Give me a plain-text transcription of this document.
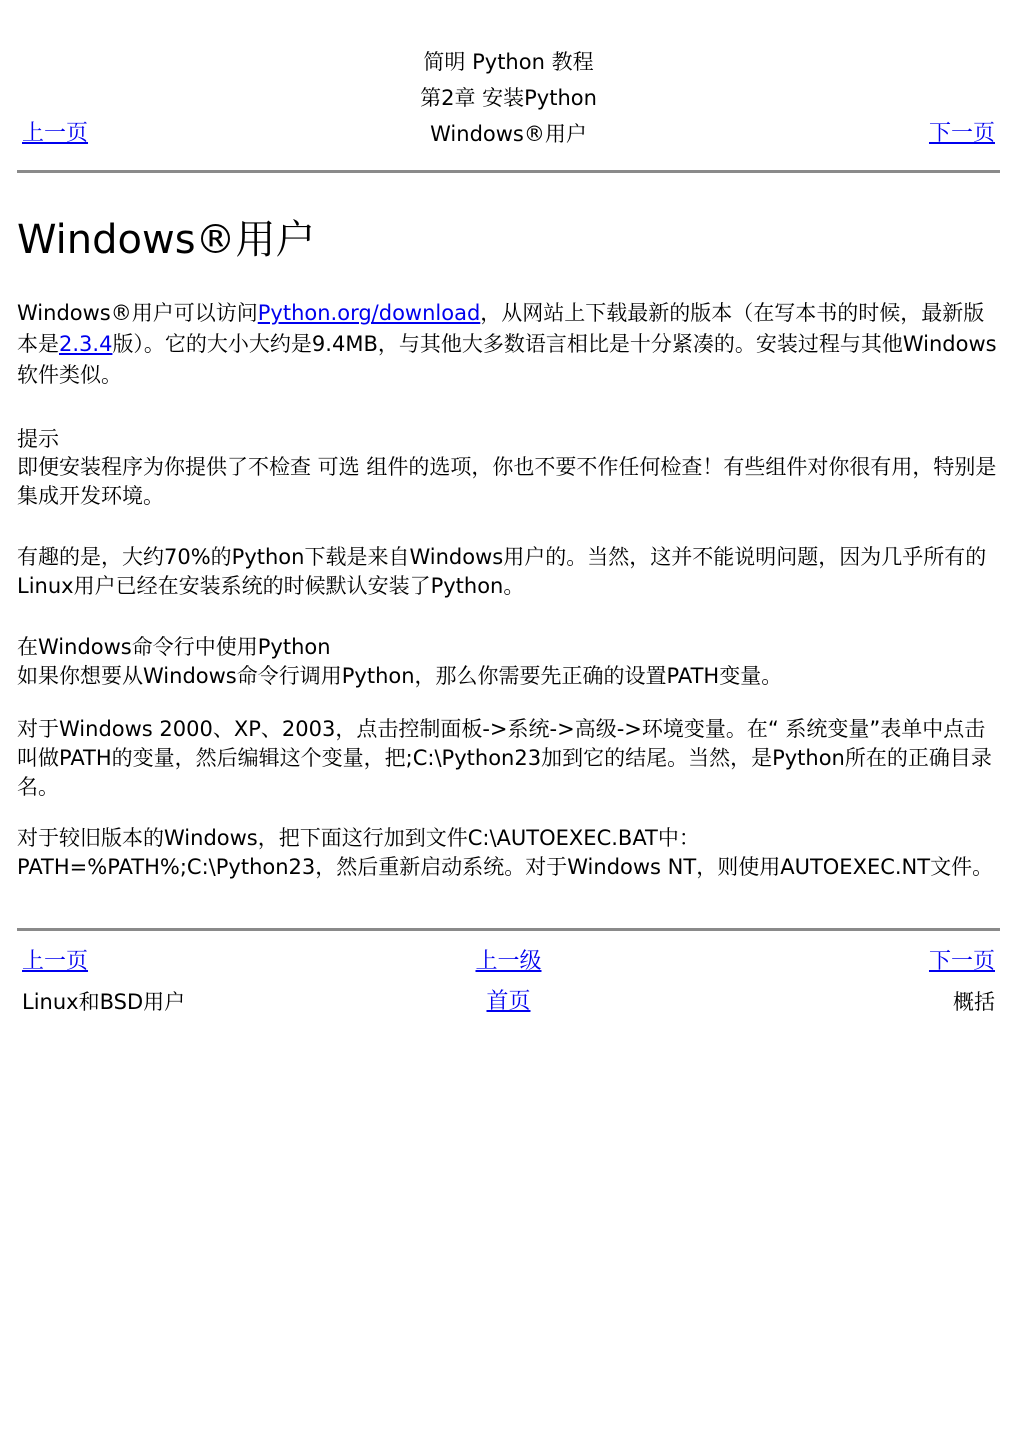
简明 Python 教程
第2章 安装Python
Windows®用户
上一页	下一页
Windows®用户

Windows®用户可以访问Python.org/download，从网站上下载最新的版本（在写本书的时候，最新版本是2.3.4版）。它的大小大约是9.4MB，与其他大多数语言相比是十分紧凑的。安装过程与其他Windows软件类似。

提示
即便安装程序为你提供了不检查 可选 组件的选项，你也不要不作任何检查！有些组件对你很有用，特别是集成开发环境。

有趣的是，大约70%的Python下载是来自Windows用户的。当然，这并不能说明问题，因为几乎所有的Linux用户已经在安装系统的时候默认安装了Python。

在Windows命令行中使用Python
如果你想要从Windows命令行调用Python，那么你需要先正确的设置PATH变量。

对于Windows 2000、XP、2003，点击控制面板->系统->高级->环境变量。在“ 系统变量”表单中点击叫做PATH的变量，然后编辑这个变量，把;C:\Python23加到它的结尾。当然，是Python所在的正确目录名。

对于较旧版本的Windows，把下面这行加到文件C:\AUTOEXEC.BAT中：PATH=%PATH%;C:\Python23，然后重新启动系统。对于Windows NT，则使用AUTOEXEC.NT文件。

上一页	上一级	下一页
Linux和BSD用户	首页	概括
